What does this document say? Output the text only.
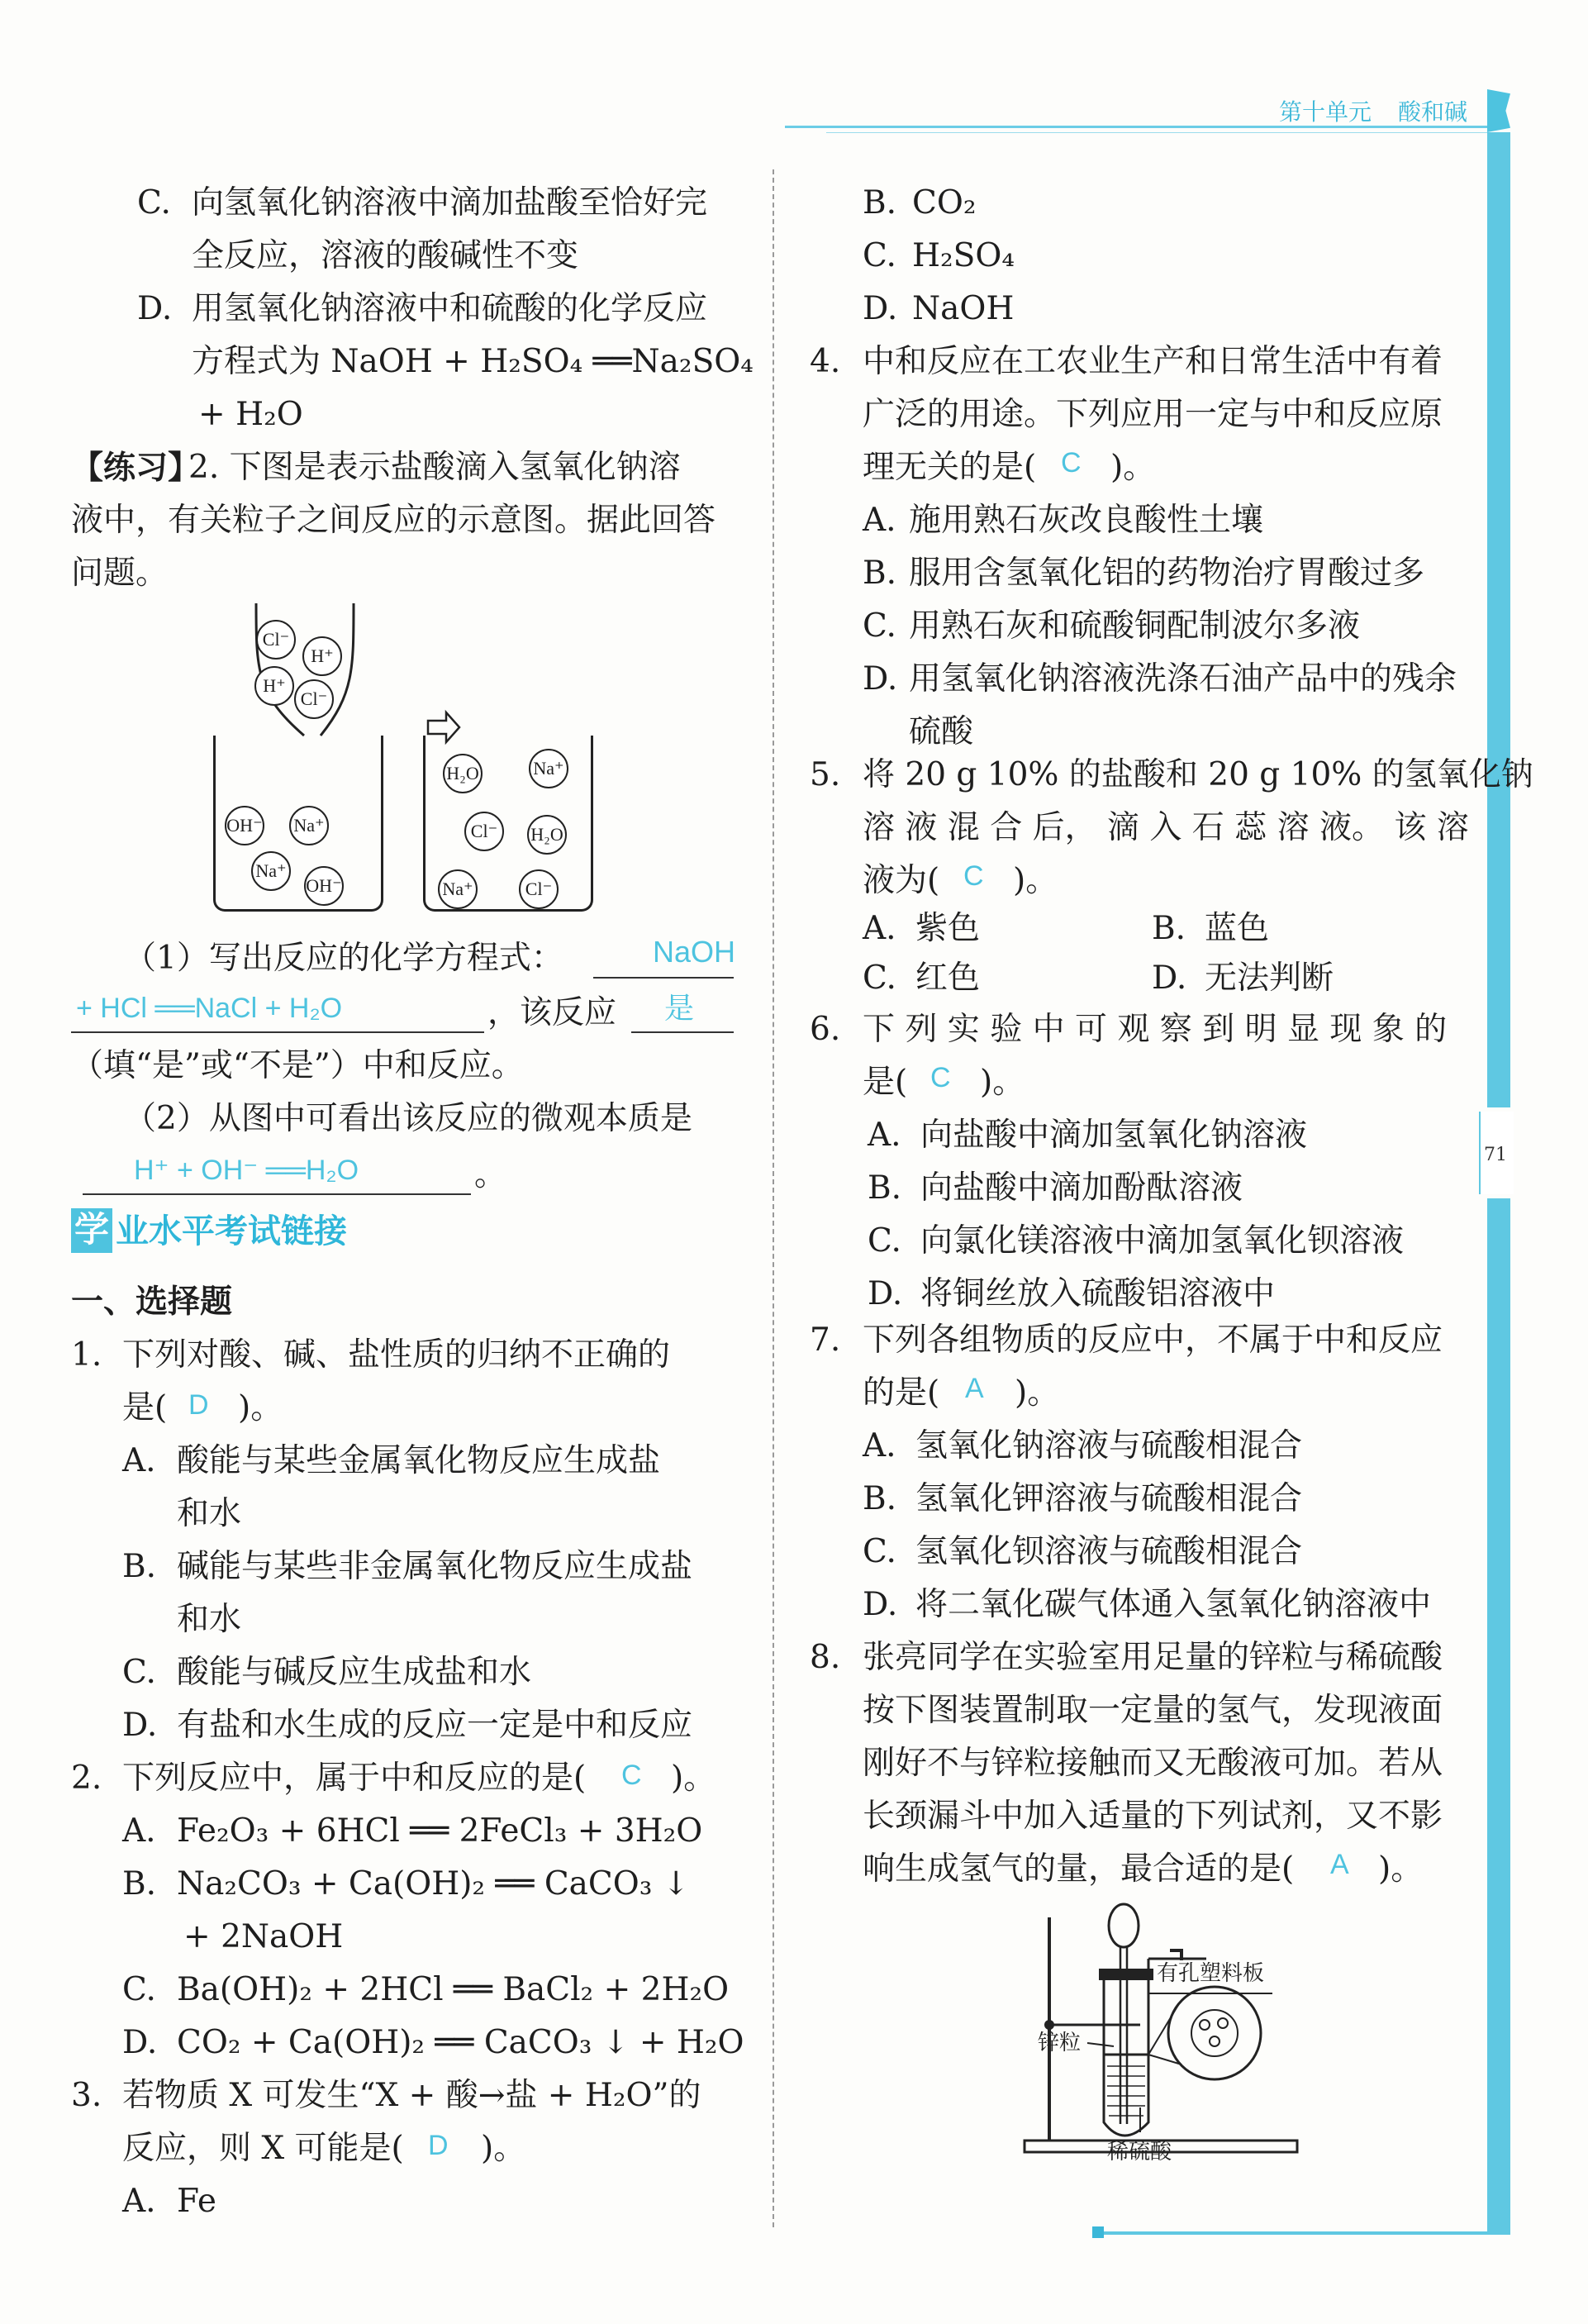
第十单元 酸和碱
71
C. 向氢氧化钠溶液中滴加盐酸至恰好完
全反应，溶液的酸碱性不变
D. 用氢氧化钠溶液中和硫酸的化学反应
方程式为 NaOH + H₂SO₄ ══Na₂SO₄
+ H₂O
【练习】
2. 下图是表示盐酸滴入氢氧化钠溶
液中，有关粒子之间反应的示意图。据此回答
问题。
Cl⁻
H⁺
H⁺
Cl⁻
OH⁻ Na⁺
Na⁺
OH⁻
H₂O	Na⁺
Cl⁻	H₂O
Na⁺	Cl⁻
（1）写出反应的化学方程式：	NaOH
+ HCl ══NaCl + H₂O	，该反应 是
（填“是”或“不是”）中和反应。
（2）从图中可看出该反应的微观本质是
H⁺ + OH⁻ ══H₂O	。
学 业水平考试链接
一、选择题
1. 下列对酸、碱、盐性质的归纳不正确的
是( D )。
A. 酸能与某些金属氧化物反应生成盐
和水
B. 碱能与某些非金属氧化物反应生成盐
和水
C. 酸能与碱反应生成盐和水
D. 有盐和水生成的反应一定是中和反应
2. 下列反应中，属于中和反应的是( C )。
A. Fe₂O₃ + 6HCl ══ 2FeCl₃ + 3H₂O
B. Na₂CO₃ + Ca(OH)₂ ══ CaCO₃ ↓
+ 2NaOH
C. Ba(OH)₂ + 2HCl ══ BaCl₂ + 2H₂O
D. CO₂ + Ca(OH)₂ ══ CaCO₃ ↓ + H₂O
3. 若物质 X 可发生“X + 酸→盐 + H₂O”的
反应，则 X 可能是( D )。
A. Fe
B. CO₂
C. H₂SO₄
D. NaOH
4. 中和反应在工农业生产和日常生活中有着
广泛的用途。下列应用一定与中和反应原
理无关的是( C )。
A. 施用熟石灰改良酸性土壤
B. 服用含氢氧化铝的药物治疗胃酸过多
C. 用熟石灰和硫酸铜配制波尔多液
D. 用氢氧化钠溶液洗涤石油产品中的残余
硫酸
5. 将 20 g 10% 的盐酸和 20 g 10% 的氢氧化钠
溶 液 混 合 后， 滴 入 石 蕊 溶 液。 该 溶
液为( C )。
A. 紫色	B. 蓝色
C. 红色	D. 无法判断
6. 下 列 实 验 中 可 观 察 到 明 显 现 象 的
是( C )。
A. 向盐酸中滴加氢氧化钠溶液
B. 向盐酸中滴加酚酞溶液
C. 向氯化镁溶液中滴加氢氧化钡溶液
D. 将铜丝放入硫酸铝溶液中
7. 下列各组物质的反应中，不属于中和反应
的是( A )。
A. 氢氧化钠溶液与硫酸相混合
B. 氢氧化钾溶液与硫酸相混合
C. 氢氧化钡溶液与硫酸相混合
D. 将二氧化碳气体通入氢氧化钠溶液中
8. 张亮同学在实验室用足量的锌粒与稀硫酸
按下图装置制取一定量的氢气，发现液面
刚好不与锌粒接触而又无酸液可加。若从
长颈漏斗中加入适量的下列试剂，又不影
响生成氢气的量，最合适的是( A )。
有孔塑料板
锌粒
稀硫酸
